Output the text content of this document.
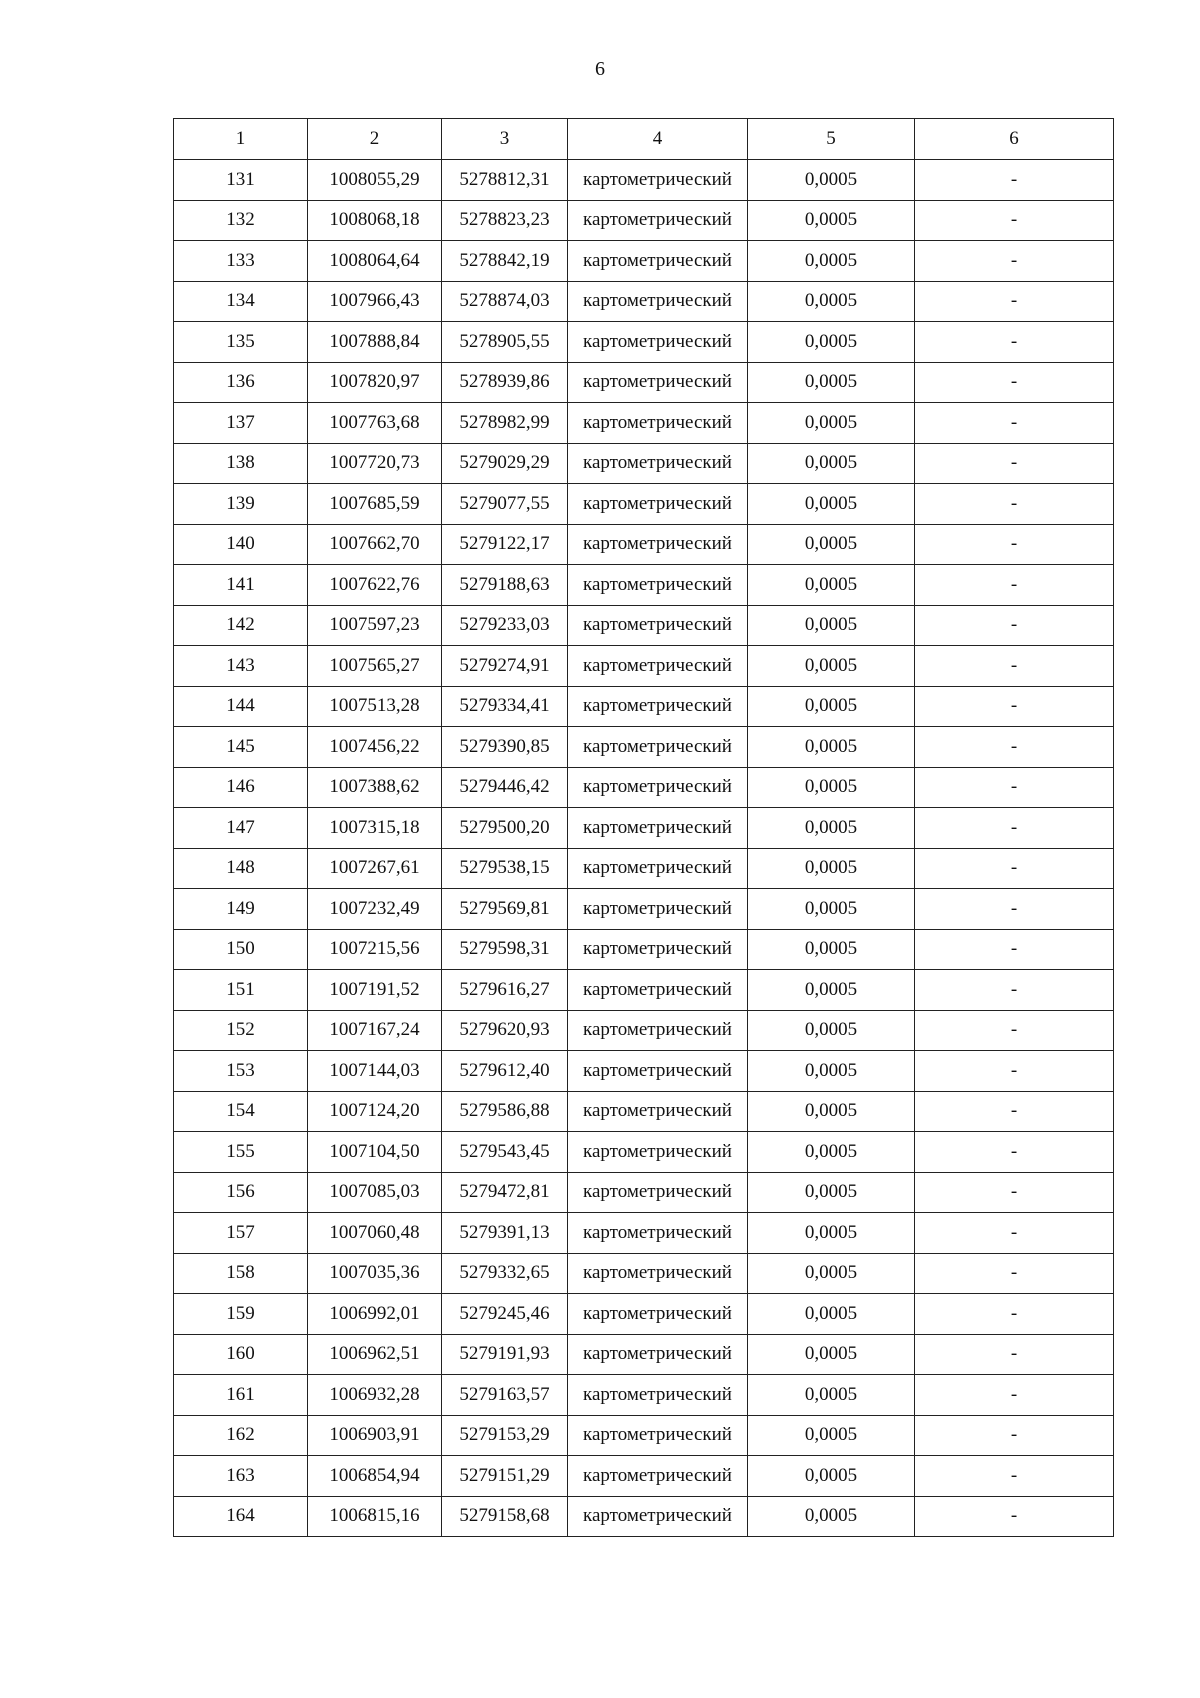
6
1	2	3	4	5	6
131	1008055,29	5278812,31	картометрический	0,0005	-
132	1008068,18	5278823,23	картометрический	0,0005	-
133	1008064,64	5278842,19	картометрический	0,0005	-
134	1007966,43	5278874,03	картометрический	0,0005	-
135	1007888,84	5278905,55	картометрический	0,0005	-
136	1007820,97	5278939,86	картометрический	0,0005	-
137	1007763,68	5278982,99	картометрический	0,0005	-
138	1007720,73	5279029,29	картометрический	0,0005	-
139	1007685,59	5279077,55	картометрический	0,0005	-
140	1007662,70	5279122,17	картометрический	0,0005	-
141	1007622,76	5279188,63	картометрический	0,0005	-
142	1007597,23	5279233,03	картометрический	0,0005	-
143	1007565,27	5279274,91	картометрический	0,0005	-
144	1007513,28	5279334,41	картометрический	0,0005	-
145	1007456,22	5279390,85	картометрический	0,0005	-
146	1007388,62	5279446,42	картометрический	0,0005	-
147	1007315,18	5279500,20	картометрический	0,0005	-
148	1007267,61	5279538,15	картометрический	0,0005	-
149	1007232,49	5279569,81	картометрический	0,0005	-
150	1007215,56	5279598,31	картометрический	0,0005	-
151	1007191,52	5279616,27	картометрический	0,0005	-
152	1007167,24	5279620,93	картометрический	0,0005	-
153	1007144,03	5279612,40	картометрический	0,0005	-
154	1007124,20	5279586,88	картометрический	0,0005	-
155	1007104,50	5279543,45	картометрический	0,0005	-
156	1007085,03	5279472,81	картометрический	0,0005	-
157	1007060,48	5279391,13	картометрический	0,0005	-
158	1007035,36	5279332,65	картометрический	0,0005	-
159	1006992,01	5279245,46	картометрический	0,0005	-
160	1006962,51	5279191,93	картометрический	0,0005	-
161	1006932,28	5279163,57	картометрический	0,0005	-
162	1006903,91	5279153,29	картометрический	0,0005	-
163	1006854,94	5279151,29	картометрический	0,0005	-
164	1006815,16	5279158,68	картометрический	0,0005	-
